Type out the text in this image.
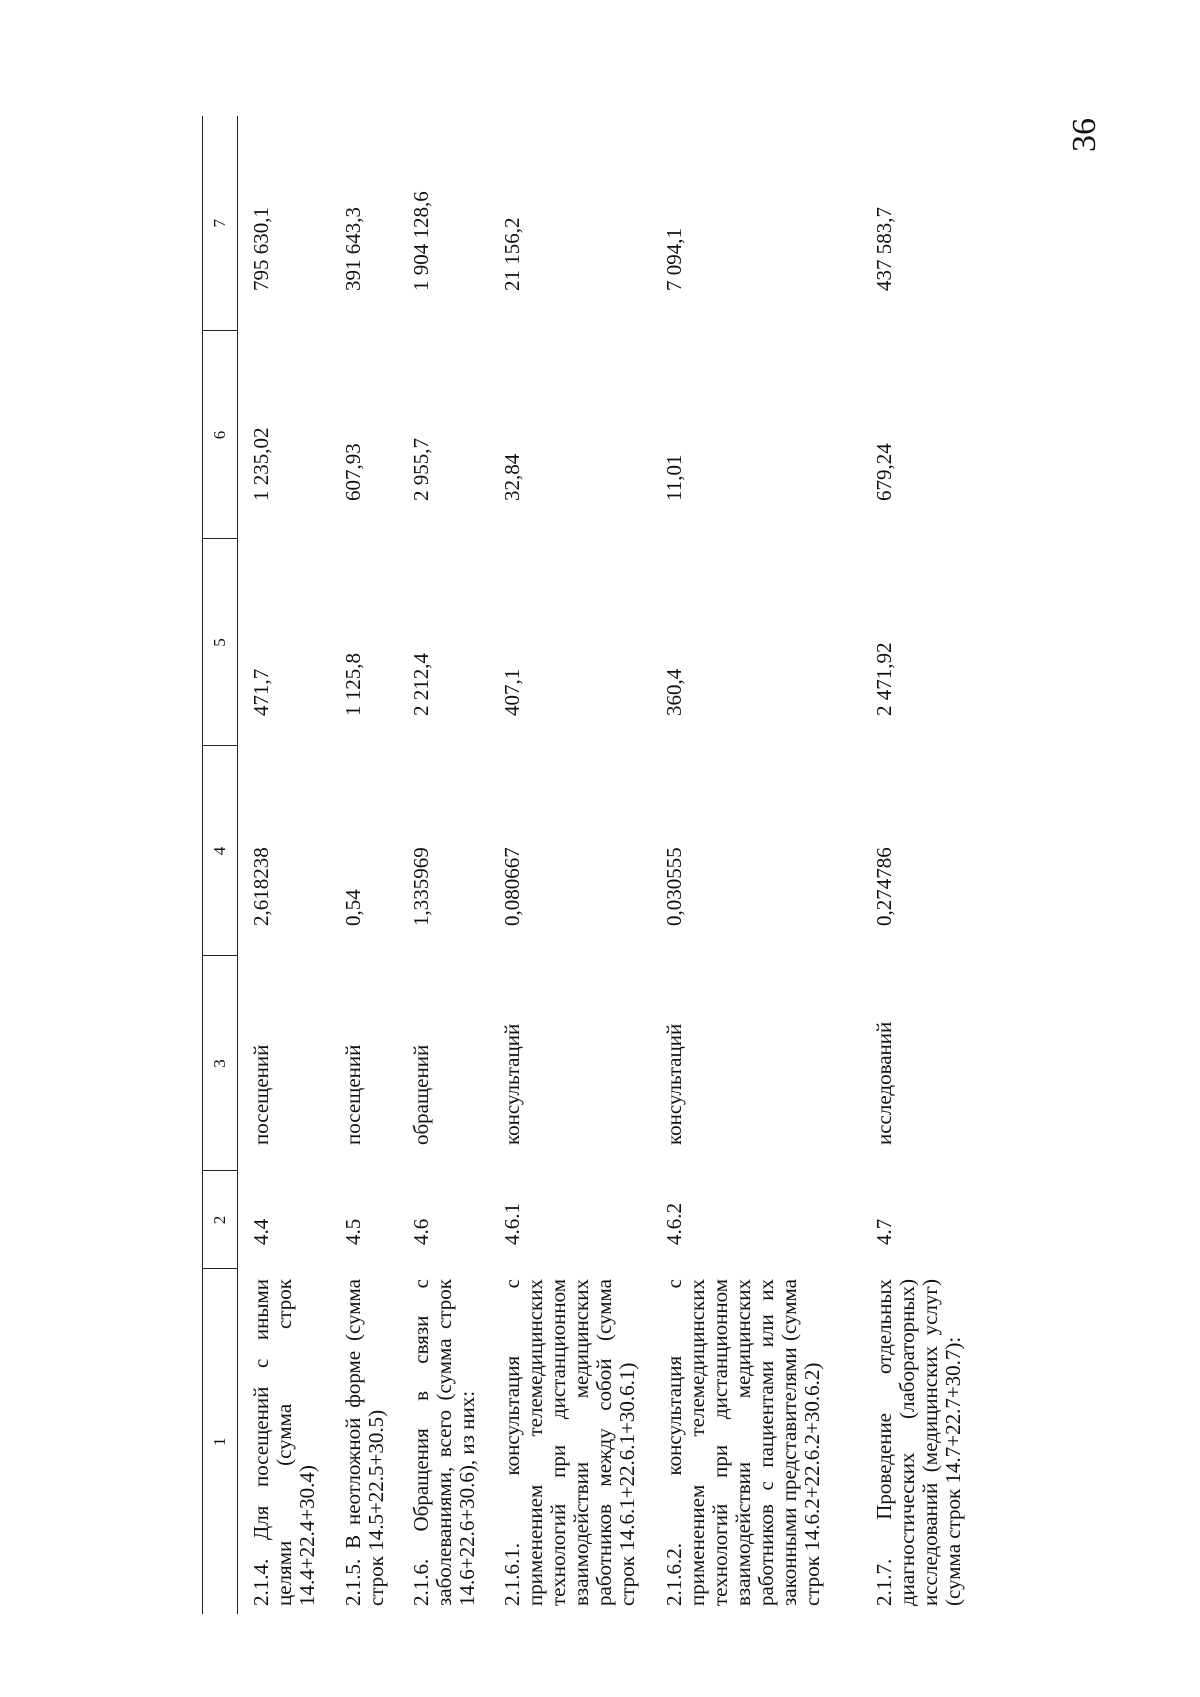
36
1	2	3	4	5	6	7
2.1.4. Для посещений с иными целями (сумма строк 14.4+22.4+30.4)	4.4	посещений	2,618238	471,7	1 235,02	795 630,1
2.1.5. В неотложной форме (сумма строк 14.5+22.5+30.5)	4.5	посещений	0,54	1 125,8	607,93	391 643,3
2.1.6. Обращения в связи с заболеваниями, всего (сумма строк 14.6+22.6+30.6), из них:	4.6	обращений	1,335969	2 212,4	2 955,7	1 904 128,6
2.1.6.1. консультация с применением телемедицинских технологий при дистанционном взаимодействии медицинских работников между собой (сумма строк 14.6.1+22.6.1+30.6.1)	4.6.1	консультаций	0,080667	407,1	32,84	21 156,2
2.1.6.2. консультация с применением телемедицинских технологий при дистанционном взаимодействии медицинских работников с пациентами или их законными представителями (сумма строк 14.6.2+22.6.2+30.6.2)	4.6.2	консультаций	0,030555	360,4	11,01	7 094,1
2.1.7. Проведение отдельных диагностических (лабораторных) исследований (медицинских услуг) (сумма строк 14.7+22.7+30.7):	4.7	исследований	0,274786	2 471,92	679,24	437 583,7
